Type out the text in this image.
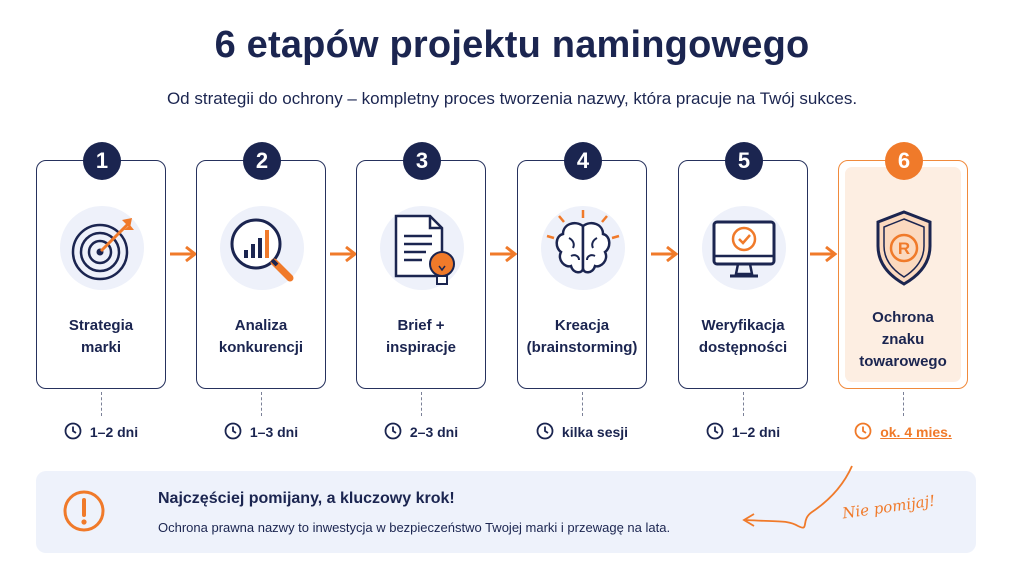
6 etapów projektu namingowego
Od strategii do ochrony – kompletny proces tworzenia nazwy, która pracuje na Twój sukces.
1
Strategia
marki
2
Analiza
konkurencji
3
Brief +
inspiracje
4
Kreacja
(brainstorming)
5
Weryfikacja
dostępności
6
R
Ochrona
znaku
towarowego
1–2 dni	1–3 dni	2–3 dni	kilka sesji	1–2 dni	ok. 4 mies.
Najczęściej pomijany, a kluczowy krok!
Ochrona prawna nazwy to inwestycja w bezpieczeństwo Twojej marki i przewagę na lata.
Nie pomijaj!
